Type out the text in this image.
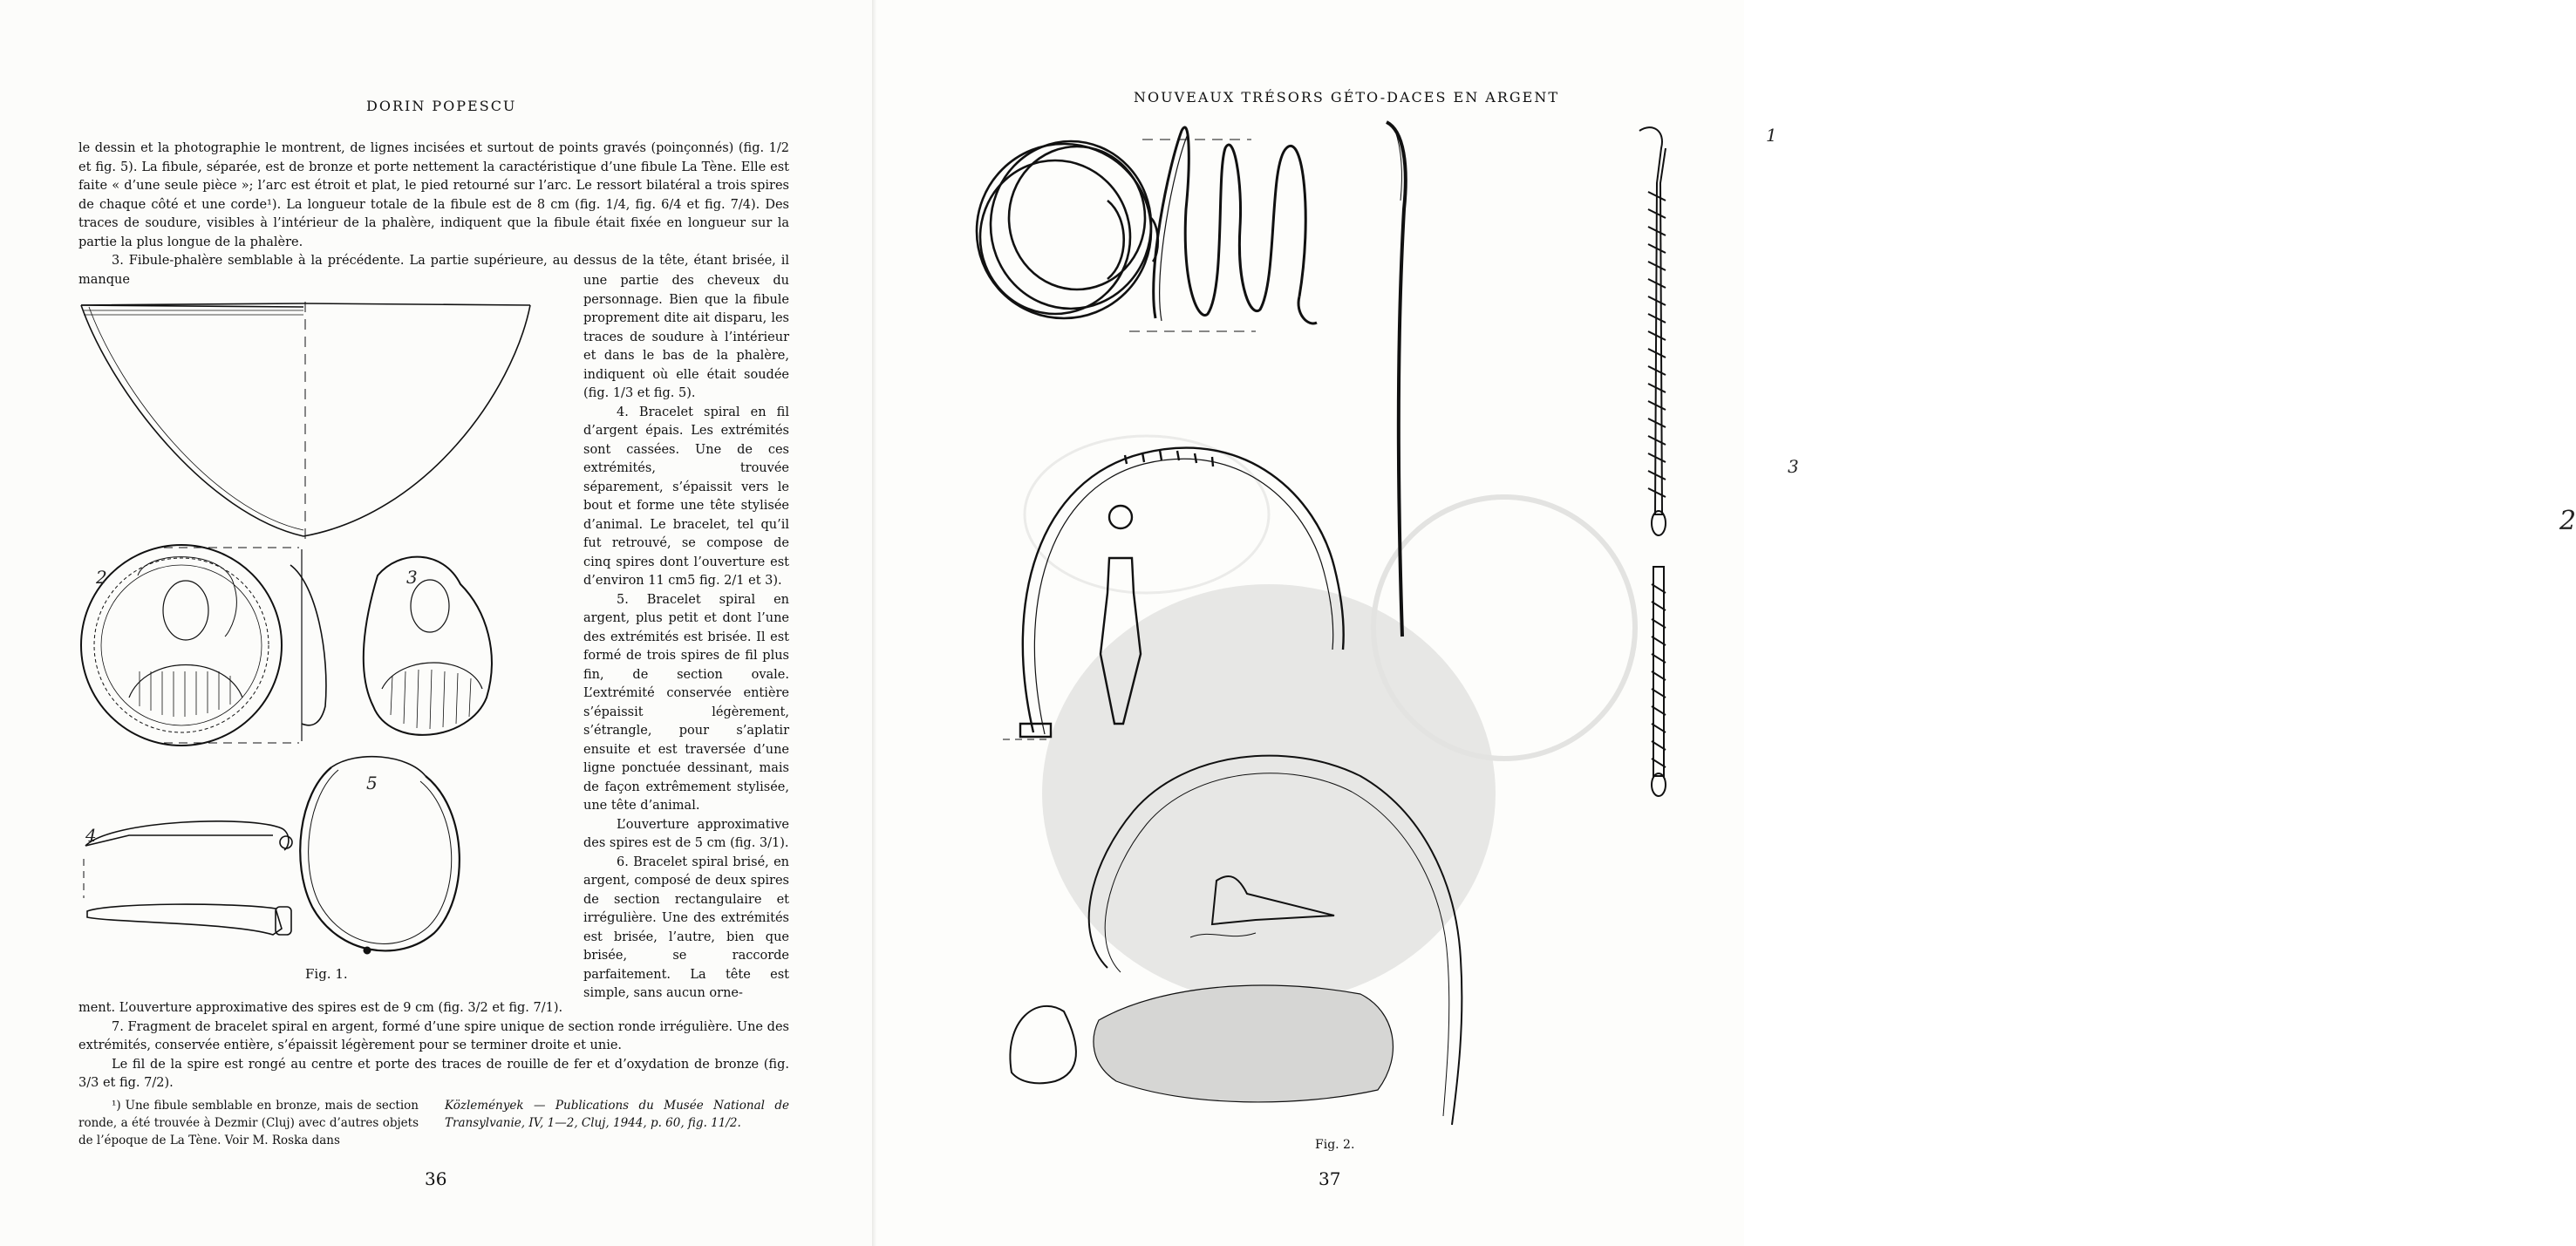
DORIN POPESCU

le dessin et la photographie le montrent, de lignes incisées et surtout de points gravés (poinçonnés) (fig. 1/2 et fig. 5). La fibule, séparée, est de bronze et porte nettement la caractéristique d’une fibule La Tène. Elle est faite « d’une seule pièce »; l’arc est étroit et plat, le pied retourné sur l’arc. Le ressort bilatéral a trois spires de chaque côté et une corde¹). La longueur totale de la fibule est de 8 cm (fig. 1/4, fig. 6/4 et fig. 7/4). Des traces de soudure, visibles à l’intérieur de la phalère, indiquent que la fibule était fixée en longueur sur la partie la plus longue de la phalère.

3. Fibule-phalère semblable à la précédente. La partie supérieure, au dessus de la tête, étant brisée, il manque

2	3
4
5
Fig. 1.

une partie des cheveux du personnage. Bien que la fibule proprement dite ait disparu, les traces de soudure à l’intérieur et dans le bas de la phalère, indiquent où elle était soudée (fig. 1/3 et fig. 5).

4. Bracelet spiral en fil d’argent épais. Les extrémités sont cassées. Une de ces extrémités, trouvée séparement, s’épaissit vers le bout et forme une tête stylisée d’animal. Le bracelet, tel qu’il fut retrouvé, se compose de cinq spires dont l’ouverture est d’environ 11 cm5 fig. 2/1 et 3).

5. Bracelet spiral en argent, plus petit et dont l’une des extrémités est brisée. Il est formé de trois spires de fil plus fin, de section ovale. L’extrémité conservée entière s’épaissit légèrement, s’étrangle, pour s’aplatir ensuite et est traversée d’une ligne ponctuée dessinant, mais de façon extrêmement stylisée, une tête d’animal.

L’ouverture approximative des spires est de 5 cm (fig. 3/1).

6. Bracelet spiral brisé, en argent, composé de deux spires de section rectangulaire et irrégulière. Une des extrémités est brisée, l’autre, bien que brisée, se raccorde parfaitement. La tête est simple, sans aucun orne-

ment. L’ouverture approximative des spires est de 9 cm (fig. 3/2 et fig. 7/1).

7. Fragment de bracelet spiral en argent, formé d’une spire unique de section ronde irrégulière. Une des extrémités, conservée entière, s’épaissit légèrement pour se terminer droite et unie.

Le fil de la spire est rongé au centre et porte des traces de rouille de fer et d’oxydation de bronze (fig. 3/3 et fig. 7/2).

¹) Une fibule semblable en bronze, mais de section ronde, a été trouvée à Dezmir (Cluj) avec d’autres objets de l’époque de La Tène. Voir M. Roska dans

Közlemények — Publications du Musée National de Transylvanie, IV, 1—2, Cluj, 1944, p. 60, fig. 11/2.

36
NOUVEAUX TRÉSORS GÉTO-DACES EN ARGENT
1
2
3
Fig. 2.
37
